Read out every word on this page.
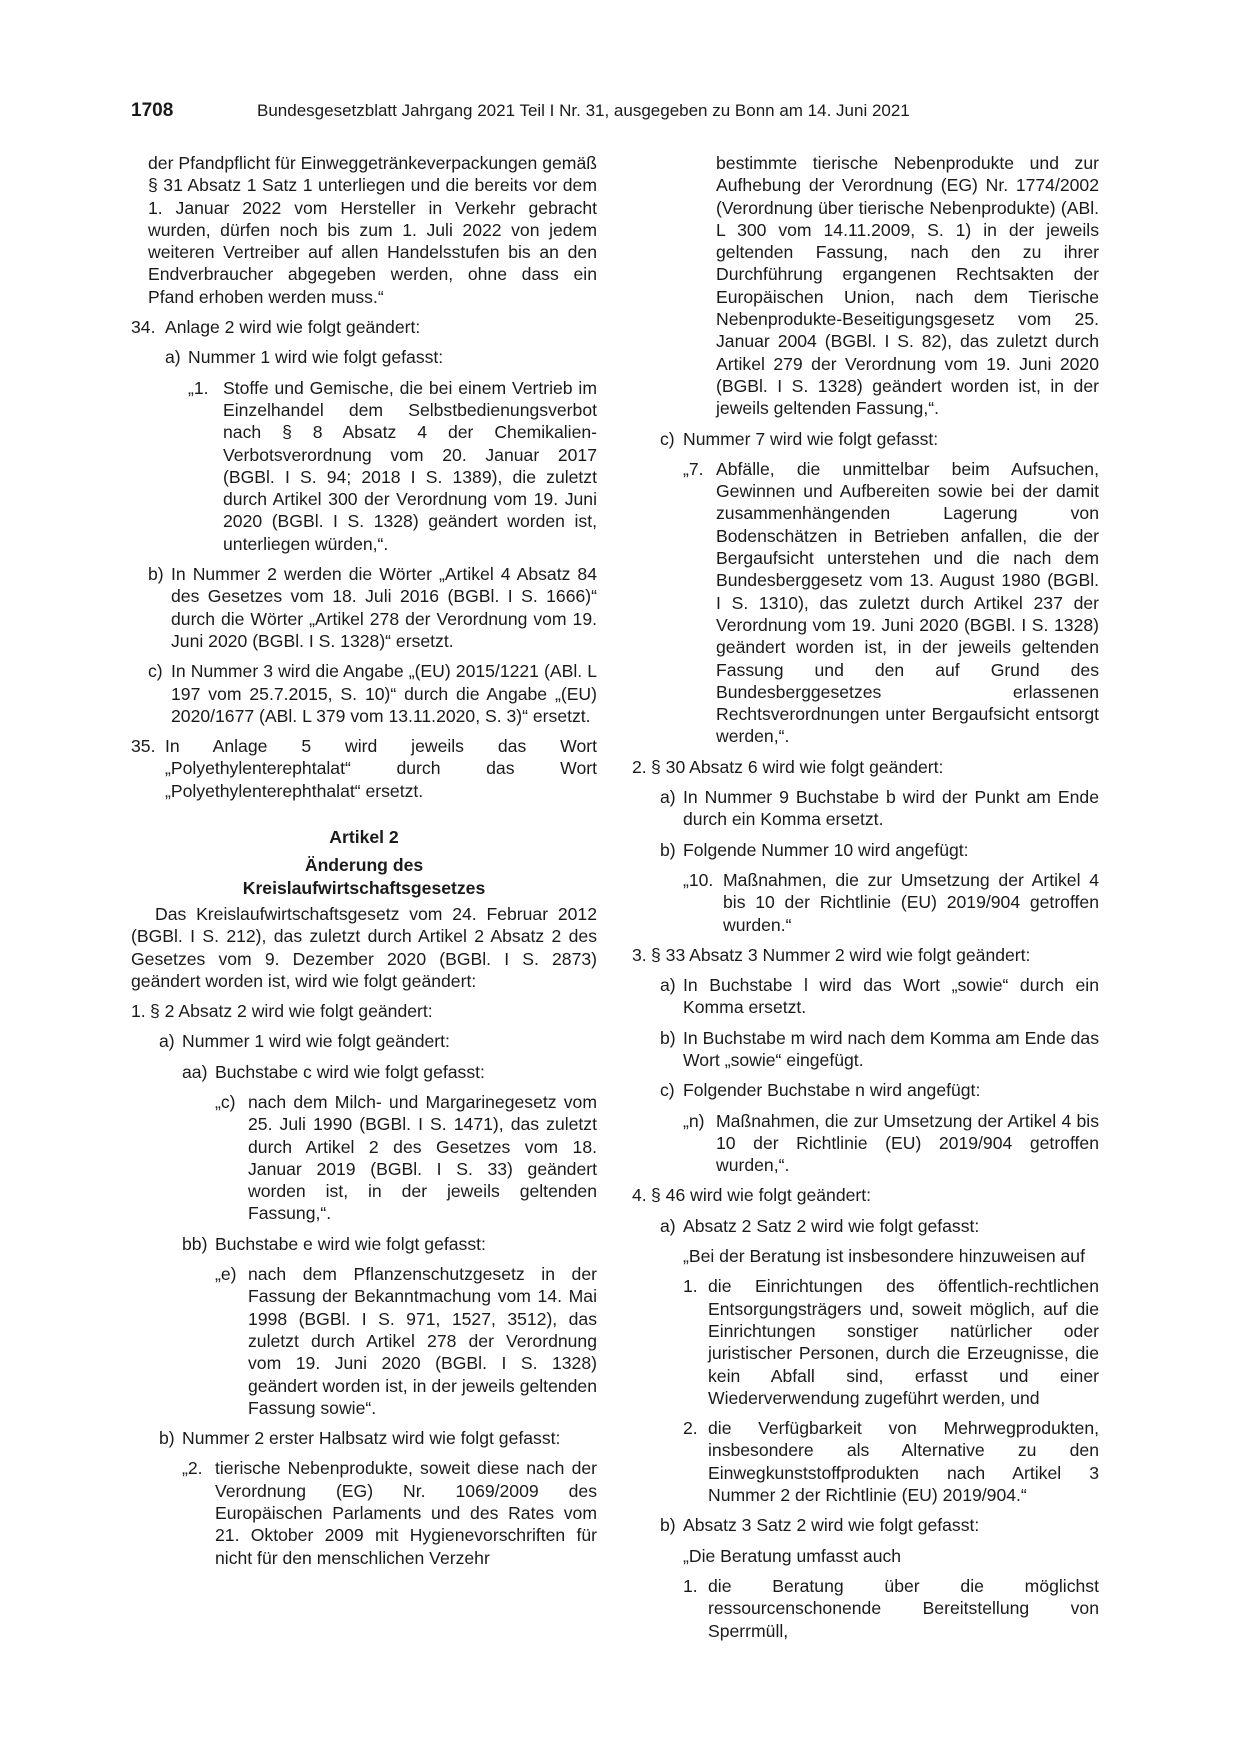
1708	Bundesgesetzblatt Jahrgang 2021 Teil I Nr. 31, ausgegeben zu Bonn am 14. Juni 2021
der Pfandpflicht für Einweggetränkeverpackungen gemäß § 31 Absatz 1 Satz 1 unterliegen und die bereits vor dem 1. Januar 2022 vom Hersteller in Verkehr gebracht wurden, dürfen noch bis zum 1. Juli 2022 von jedem weiteren Vertreiber auf allen Handelsstufen bis an den Endverbraucher abgegeben werden, ohne dass ein Pfand erhoben werden muss.“
34. Anlage 2 wird wie folgt geändert:
a) Nummer 1 wird wie folgt gefasst:
„1. Stoffe und Gemische, die bei einem Vertrieb im Einzelhandel dem Selbstbedienungsverbot nach § 8 Absatz 4 der Chemikalien-Verbotsverordnung vom 20. Januar 2017 (BGBl. I S. 94; 2018 I S. 1389), die zuletzt durch Artikel 300 der Verordnung vom 19. Juni 2020 (BGBl. I S. 1328) geändert worden ist, unterliegen würden,“.
b) In Nummer 2 werden die Wörter „Artikel 4 Absatz 84 des Gesetzes vom 18. Juli 2016 (BGBl. I S. 1666)“ durch die Wörter „Artikel 278 der Verordnung vom 19. Juni 2020 (BGBl. I S. 1328)“ ersetzt.
c) In Nummer 3 wird die Angabe „(EU) 2015/1221 (ABl. L 197 vom 25.7.2015, S. 10)“ durch die Angabe „(EU) 2020/1677 (ABl. L 379 vom 13.11.2020, S. 3)“ ersetzt.
35. In Anlage 5 wird jeweils das Wort „Polyethylenterephtalat“ durch das Wort „Polyethylenterephthalat“ ersetzt.
Artikel 2
Änderung des
Kreislaufwirtschaftsgesetzes
Das Kreislaufwirtschaftsgesetz vom 24. Februar 2012 (BGBl. I S. 212), das zuletzt durch Artikel 2 Absatz 2 des Gesetzes vom 9. Dezember 2020 (BGBl. I S. 2873) geändert worden ist, wird wie folgt geändert:
1. § 2 Absatz 2 wird wie folgt geändert:
a) Nummer 1 wird wie folgt geändert:
aa) Buchstabe c wird wie folgt gefasst:
„c) nach dem Milch- und Margarinegesetz vom 25. Juli 1990 (BGBl. I S. 1471), das zuletzt durch Artikel 2 des Gesetzes vom 18. Januar 2019 (BGBl. I S. 33) geändert worden ist, in der jeweils geltenden Fassung,“.
bb) Buchstabe e wird wie folgt gefasst:
„e) nach dem Pflanzenschutzgesetz in der Fassung der Bekanntmachung vom 14. Mai 1998 (BGBl. I S. 971, 1527, 3512), das zuletzt durch Artikel 278 der Verordnung vom 19. Juni 2020 (BGBl. I S. 1328) geändert worden ist, in der jeweils geltenden Fassung sowie“.
b) Nummer 2 erster Halbsatz wird wie folgt gefasst:
„2. tierische Nebenprodukte, soweit diese nach der Verordnung (EG) Nr. 1069/2009 des Europäischen Parlaments und des Rates vom 21. Oktober 2009 mit Hygienevorschriften für nicht für den menschlichen Verzehr
bestimmte tierische Nebenprodukte und zur Aufhebung der Verordnung (EG) Nr. 1774/2002 (Verordnung über tierische Nebenprodukte) (ABl. L 300 vom 14.11.2009, S. 1) in der jeweils geltenden Fassung, nach den zu ihrer Durchführung ergangenen Rechtsakten der Europäischen Union, nach dem Tierische Nebenprodukte-Beseitigungsgesetz vom 25. Januar 2004 (BGBl. I S. 82), das zuletzt durch Artikel 279 der Verordnung vom 19. Juni 2020 (BGBl. I S. 1328) geändert worden ist, in der jeweils geltenden Fassung,“.
c) Nummer 7 wird wie folgt gefasst:
„7. Abfälle, die unmittelbar beim Aufsuchen, Gewinnen und Aufbereiten sowie bei der damit zusammenhängenden Lagerung von Bodenschätzen in Betrieben anfallen, die der Bergaufsicht unterstehen und die nach dem Bundesberggesetz vom 13. August 1980 (BGBl. I S. 1310), das zuletzt durch Artikel 237 der Verordnung vom 19. Juni 2020 (BGBl. I S. 1328) geändert worden ist, in der jeweils geltenden Fassung und den auf Grund des Bundesberggesetzes erlassenen Rechtsverordnungen unter Bergaufsicht entsorgt werden,“.
2. § 30 Absatz 6 wird wie folgt geändert:
a) In Nummer 9 Buchstabe b wird der Punkt am Ende durch ein Komma ersetzt.
b) Folgende Nummer 10 wird angefügt:
„10. Maßnahmen, die zur Umsetzung der Artikel 4 bis 10 der Richtlinie (EU) 2019/904 getroffen wurden.“
3. § 33 Absatz 3 Nummer 2 wird wie folgt geändert:
a) In Buchstabe l wird das Wort „sowie“ durch ein Komma ersetzt.
b) In Buchstabe m wird nach dem Komma am Ende das Wort „sowie“ eingefügt.
c) Folgender Buchstabe n wird angefügt:
„n) Maßnahmen, die zur Umsetzung der Artikel 4 bis 10 der Richtlinie (EU) 2019/904 getroffen wurden,“.
4. § 46 wird wie folgt geändert:
a) Absatz 2 Satz 2 wird wie folgt gefasst:
„Bei der Beratung ist insbesondere hinzuweisen auf
1. die Einrichtungen des öffentlich-rechtlichen Entsorgungsträgers und, soweit möglich, auf die Einrichtungen sonstiger natürlicher oder juristischer Personen, durch die Erzeugnisse, die kein Abfall sind, erfasst und einer Wiederverwendung zugeführt werden, und
2. die Verfügbarkeit von Mehrwegprodukten, insbesondere als Alternative zu den Einwegkunststoffprodukten nach Artikel 3 Nummer 2 der Richtlinie (EU) 2019/904.“
b) Absatz 3 Satz 2 wird wie folgt gefasst:
„Die Beratung umfasst auch
1. die Beratung über die möglichst ressourcenschonende Bereitstellung von Sperrmüll,
